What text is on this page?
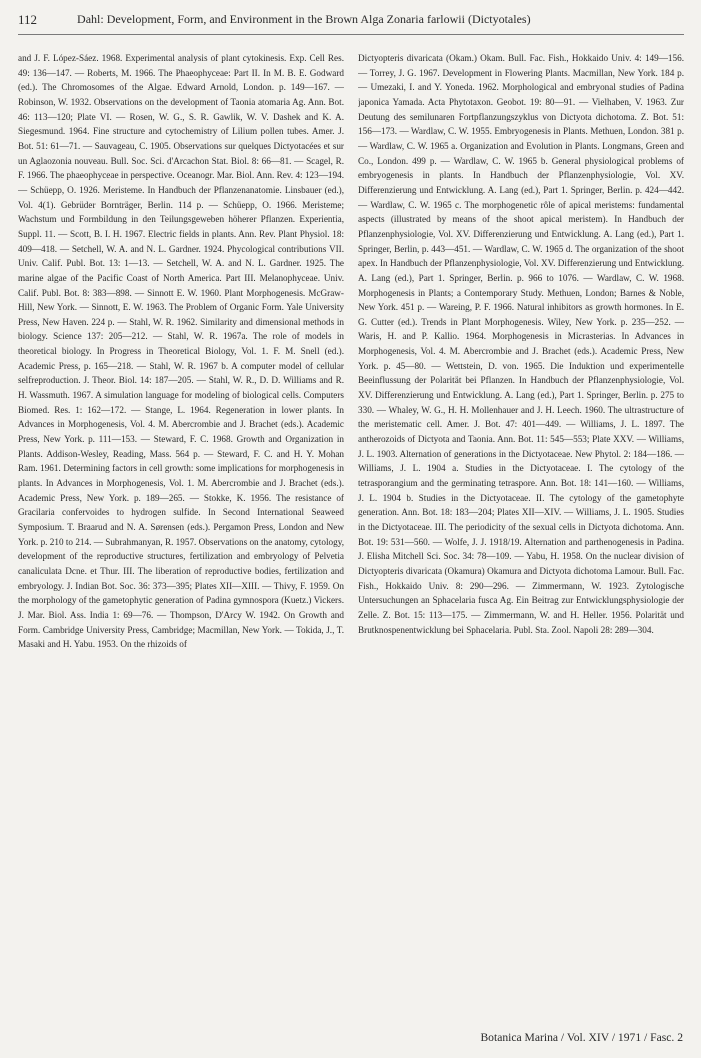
112	Dahl: Development, Form, and Environment in the Brown Alga Zonaria farlowii (Dictyotales)

and J. F. López-Sáez. 1968. Experimental analysis of plant cytokinesis. Exp. Cell Res. 49: 136—147. — Roberts, M. 1966. The Phaeophyceae: Part II. In M. B. E. Godward (ed.). The Chromosomes of the Algae. Edward Arnold, London. p. 149—167. — Robinson, W. 1932. Observations on the development of Taonia atomaria Ag. Ann. Bot. 46: 113—120; Plate VI. — Rosen, W. G., S. R. Gawlik, W. V. Dashek and K. A. Siegesmund. 1964. Fine structure and cytochemistry of Lilium pollen tubes. Amer. J. Bot. 51: 61—71. — Sauvageau, C. 1905. Observations sur quelques Dictyotacées et sur un Aglaozonia nouveau. Bull. Soc. Sci. d'Arcachon Stat. Biol. 8: 66—81. — Scagel, R. F. 1966. The phaeophyceae in perspective. Oceanogr. Mar. Biol. Ann. Rev. 4: 123—194. — Schüepp, O. 1926. Meristeme. In Handbuch der Pflanzenanatomie. Linsbauer (ed.), Vol. 4(1). Gebrüder Bornträger, Berlin. 114 p. — Schüepp, O. 1966. Meristeme; Wachstum und Formbildung in den Teilungsgeweben höherer Pflanzen. Experientia, Suppl. 11. — Scott, B. I. H. 1967. Electric fields in plants. Ann. Rev. Plant Physiol. 18: 409—418. — Setchell, W. A. and N. L. Gardner. 1924. Phycological contributions VII. Univ. Calif. Publ. Bot. 13: 1—13. — Setchell, W. A. and N. L. Gardner. 1925. The marine algae of the Pacific Coast of North America. Part III. Melanophyceae. Univ. Calif. Publ. Bot. 8: 383—898. — Sinnott E. W. 1960. Plant Morphogenesis. McGraw-Hill, New York. — Sinnott, E. W. 1963. The Problem of Organic Form. Yale University Press, New Haven. 224 p. — Stahl, W. R. 1962. Similarity and dimensional methods in biology. Science 137: 205—212. — Stahl, W. R. 1967a. The role of models in theoretical biology. In Progress in Theoretical Biology, Vol. 1. F. M. Snell (ed.). Academic Press, p. 165—218. — Stahl, W. R. 1967 b. A computer model of cellular selfreproduction. J. Theor. Biol. 14: 187—205. — Stahl, W. R., D. D. Williams and R. H. Wassmuth. 1967. A simulation language for modeling of biological cells. Computers Biomed. Res. 1: 162—172. — Stange, L. 1964. Regeneration in lower plants. In Advances in Morphogenesis, Vol. 4. M. Abercrombie and J. Brachet (eds.). Academic Press, New York. p. 111—153. — Steward, F. C. 1968. Growth and Organization in Plants. Addison-Wesley, Reading, Mass. 564 p. — Steward, F. C. and H. Y. Mohan Ram. 1961. Determining factors in cell growth: some implications for morphogenesis in plants. In Advances in Morphogenesis, Vol. 1. M. Abercrombie and J. Brachet (eds.). Academic Press, New York. p. 189—265. — Stokke, K. 1956. The resistance of Gracilaria confervoides to hydrogen sulfide. In Second International Seaweed Symposium. T. Braarud and N. A. Sørensen (eds.). Pergamon Press, London and New York. p. 210 to 214. — Subrahmanyan, R. 1957. Observations on the anatomy, cytology, development of the reproductive structures, fertilization and embryology of Pelvetia canaliculata Dcne. et Thur. III. The liberation of reproductive bodies, fertilization and embryology. J. Indian Bot. Soc. 36: 373—395; Plates XII—XIII. — Thivy, F. 1959. On the morphology of the gametophytic generation of Padina gymnospora (Kuetz.) Vickers. J. Mar. Biol. Ass. India 1: 69—76. — Thompson, D'Arcy W. 1942. On Growth and Form. Cambridge University Press, Cambridge; Macmillan, New York. — Tokida, J., T. Masaki and H. Yabu. 1953. On the rhizoids of

Dictyopteris divaricata (Okam.) Okam. Bull. Fac. Fish., Hokkaido Univ. 4: 149—156. — Torrey, J. G. 1967. Development in Flowering Plants. Macmillan, New York. 184 p. — Umezaki, I. and Y. Yoneda. 1962. Morphological and embryonal studies of Padina japonica Yamada. Acta Phytotaxon. Geobot. 19: 80—91. — Vielhaben, V. 1963. Zur Deutung des semilunaren Fortpflanzungszyklus von Dictyota dichotoma. Z. Bot. 51: 156—173. — Wardlaw, C. W. 1955. Embryogenesis in Plants. Methuen, London. 381 p. — Wardlaw, C. W. 1965 a. Organization and Evolution in Plants. Longmans, Green and Co., London. 499 p. — Wardlaw, C. W. 1965 b. General physiological problems of embryogenesis in plants. In Handbuch der Pflanzenphysiologie, Vol. XV. Differenzierung und Entwicklung. A. Lang (ed.), Part 1. Springer, Berlin. p. 424—442. — Wardlaw, C. W. 1965 c. The morphogenetic rôle of apical meristems: fundamental aspects (illustrated by means of the shoot apical meristem). In Handbuch der Pflanzenphysiologie, Vol. XV. Differenzierung und Entwicklung. A. Lang (ed.), Part 1. Springer, Berlin, p. 443—451. — Wardlaw, C. W. 1965 d. The organization of the shoot apex. In Handbuch der Pflanzenphysiologie, Vol. XV. Differenzierung und Entwicklung. A. Lang (ed.), Part 1. Springer, Berlin. p. 966 to 1076. — Wardlaw, C. W. 1968. Morphogenesis in Plants; a Contemporary Study. Methuen, London; Barnes & Noble, New York. 451 p. — Wareing, P. F. 1966. Natural inhibitors as growth hormones. In E. G. Cutter (ed.). Trends in Plant Morphogenesis. Wiley, New York. p. 235—252. — Waris, H. and P. Kallio. 1964. Morphogenesis in Micrasterias. In Advances in Morphogenesis, Vol. 4. M. Abercrombie and J. Brachet (eds.). Academic Press, New York. p. 45—80. — Wettstein, D. von. 1965. Die Induktion und experimentelle Beeinflussung der Polarität bei Pflanzen. In Handbuch der Pflanzenphysiologie, Vol. XV. Differenzierung und Entwicklung. A. Lang (ed.), Part 1. Springer, Berlin. p. 275 to 330. — Whaley, W. G., H. H. Mollenhauer and J. H. Leech. 1960. The ultrastructure of the meristematic cell. Amer. J. Bot. 47: 401—449. — Williams, J. L. 1897. The antherozoids of Dictyota and Taonia. Ann. Bot. 11: 545—553; Plate XXV. — Williams, J. L. 1903. Alternation of generations in the Dictyotaceae. New Phytol. 2: 184—186. — Williams, J. L. 1904 a. Studies in the Dictyotaceae. I. The cytology of the tetrasporangium and the germinating tetraspore. Ann. Bot. 18: 141—160. — Williams, J. L. 1904 b. Studies in the Dictyotaceae. II. The cytology of the gametophyte generation. Ann. Bot. 18: 183—204; Plates XII—XIV. — Williams, J. L. 1905. Studies in the Dictyotaceae. III. The periodicity of the sexual cells in Dictyota dichotoma. Ann. Bot. 19: 531—560. — Wolfe, J. J. 1918/19. Alternation and parthenogenesis in Padina. J. Elisha Mitchell Sci. Soc. 34: 78—109. — Yabu, H. 1958. On the nuclear division of Dictyopteris divaricata (Okamura) Okamura and Dictyota dichotoma Lamour. Bull. Fac. Fish., Hokkaido Univ. 8: 290—296. — Zimmermann, W. 1923. Zytologische Untersuchungen an Sphacelaria fusca Ag. Ein Beitrag zur Entwicklungsphysiologie der Zelle. Z. Bot. 15: 113—175. — Zimmermann, W. and H. Heller. 1956. Polarität und Brutknospenentwicklung bei Sphacelaria. Publ. Sta. Zool. Napoli 28: 289—304.

Botanica Marina / Vol. XIV / 1971 / Fasc. 2
